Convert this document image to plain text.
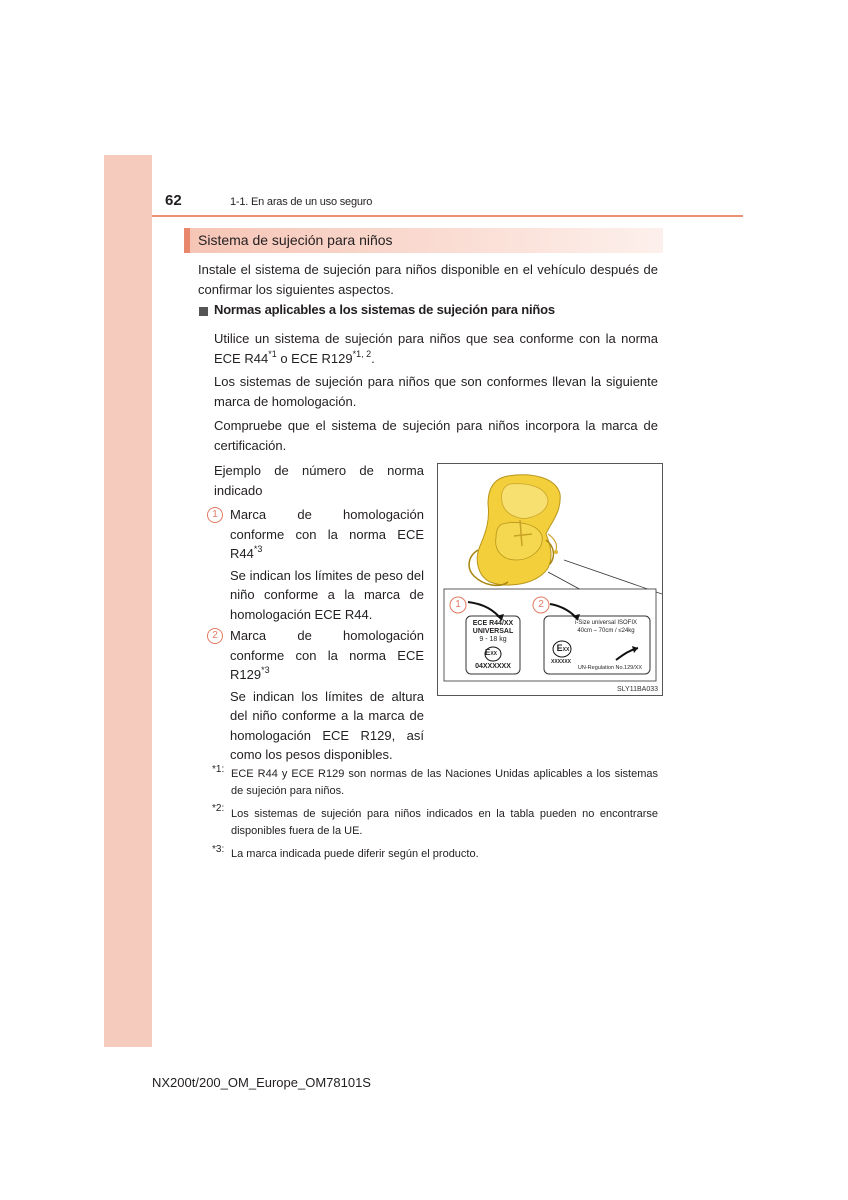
62	1-1. En aras de un uso seguro
Sistema de sujeción para niños
Instale el sistema de sujeción para niños disponible en el vehículo después de confirmar los siguientes aspectos.
Normas aplicables a los sistemas de sujeción para niños
Utilice un sistema de sujeción para niños que sea conforme con la norma
ECE R44$^{*1}$ o ECE R129$^{*1, 2}$.
Los sistemas de sujeción para niños que son conformes llevan la siguiente marca de homologación.
Compruebe que el sistema de sujeción para niños incorpora la marca de certificación.
Ejemplo de número de norma indicado
1 Marca de homologación conforme con la norma ECE R44$^{*3}$
Se indican los límites de peso del niño conforme a la marca de homologación ECE R44.
2 Marca de homologación conforme con la norma ECE R129$^{*3}$
Se indican los límites de altura del niño conforme a la marca de homologación ECE R129, así como los pesos disponibles.
1	2
ECE R44/XX
UNIVERSAL
9 - 18 kg
EXX
04XXXXXX
i-Size universal ISOFIX
40cm – 70cm / ≤24kg
EXX
XXXXXX
UN-Regulation No.129/XX
SLY11BA033
*1: ECE R44 y ECE R129 son normas de las Naciones Unidas aplicables a los sistemas de sujeción para niños.
*2: Los sistemas de sujeción para niños indicados en la tabla pueden no encontrarse disponibles fuera de la UE.
*3: La marca indicada puede diferir según el producto.
NX200t/200_OM_Europe_OM78101S
